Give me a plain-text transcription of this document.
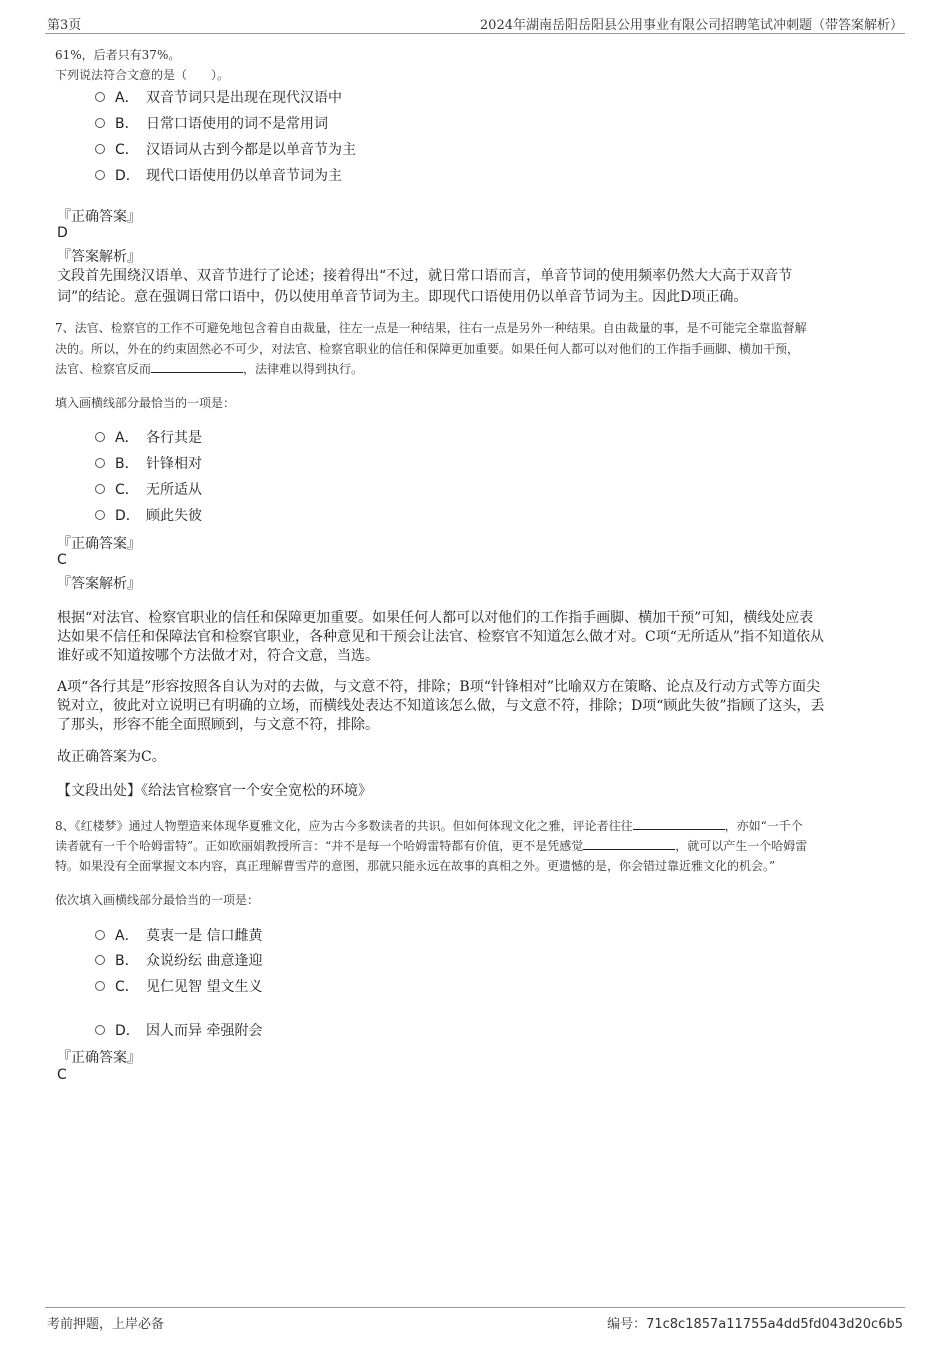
第3页	2024年湖南岳阳岳阳县公用事业有限公司招聘笔试冲刺题（带答案解析）
61%，后者只有37%。
下列说法符合文意的是（　　）。
A． 双音节词只是出现在现代汉语中
B． 日常口语使用的词不是常用词
C． 汉语词从古到今都是以单音节为主
D． 现代口语使用仍以单音节词为主
『正确答案』
D
『答案解析』
文段首先围绕汉语单、双音节进行了论述；接着得出“不过，就日常口语而言，单音节词的使用频率仍然大大高于双音节
词”的结论。意在强调日常口语中，仍以使用单音节词为主。即现代口语使用仍以单音节词为主。因此D项正确。
7、法官、检察官的工作不可避免地包含着自由裁量，往左一点是一种结果，往右一点是另外一种结果。自由裁量的事，是不可能完全靠监督解
决的。所以，外在的约束固然必不可少，对法官、检察官职业的信任和保障更加重要。如果任何人都可以对他们的工作指手画脚、横加干预，
法官、检察官反而	，法律难以得到执行。
填入画横线部分最恰当的一项是：
A． 各行其是
B． 针锋相对
C． 无所适从
D． 顾此失彼
『正确答案』
C
『答案解析』
根据“对法官、检察官职业的信任和保障更加重要。如果任何人都可以对他们的工作指手画脚、横加干预”可知，横线处应表
达如果不信任和保障法官和检察官职业，各种意见和干预会让法官、检察官不知道怎么做才对。C项“无所适从”指不知道依从
谁好或不知道按哪个方法做才对，符合文意，当选。
A项“各行其是”形容按照各自认为对的去做，与文意不符，排除；B项“针锋相对”比喻双方在策略、论点及行动方式等方面尖
锐对立，彼此对立说明已有明确的立场，而横线处表达不知道该怎么做，与文意不符，排除；D项“顾此失彼”指顾了这头，丢
了那头，形容不能全面照顾到，与文意不符，排除。
故正确答案为C。
【文段出处】《给法官检察官一个安全宽松的环境》
8、《红楼梦》通过人物塑造来体现华夏雅文化，应为古今多数读者的共识。但如何体现文化之雅，评论者往往	，亦如“一千个
读者就有一千个哈姆雷特”。正如欧丽娟教授所言：“并不是每一个哈姆雷特都有价值，更不是凭感觉	，就可以产生一个哈姆雷
特。如果没有全面掌握文本内容，真正理解曹雪芹的意图，那就只能永远在故事的真相之外。更遗憾的是，你会错过靠近雅文化的机会。”
依次填入画横线部分最恰当的一项是：
A． 莫衷一是 信口雌黄
B． 众说纷纭 曲意逢迎
C． 见仁见智 望文生义
D． 因人而异 牵强附会
『正确答案』
C
考前押题，上岸必备	编号：71c8c1857a11755a4dd5fd043d20c6b5
